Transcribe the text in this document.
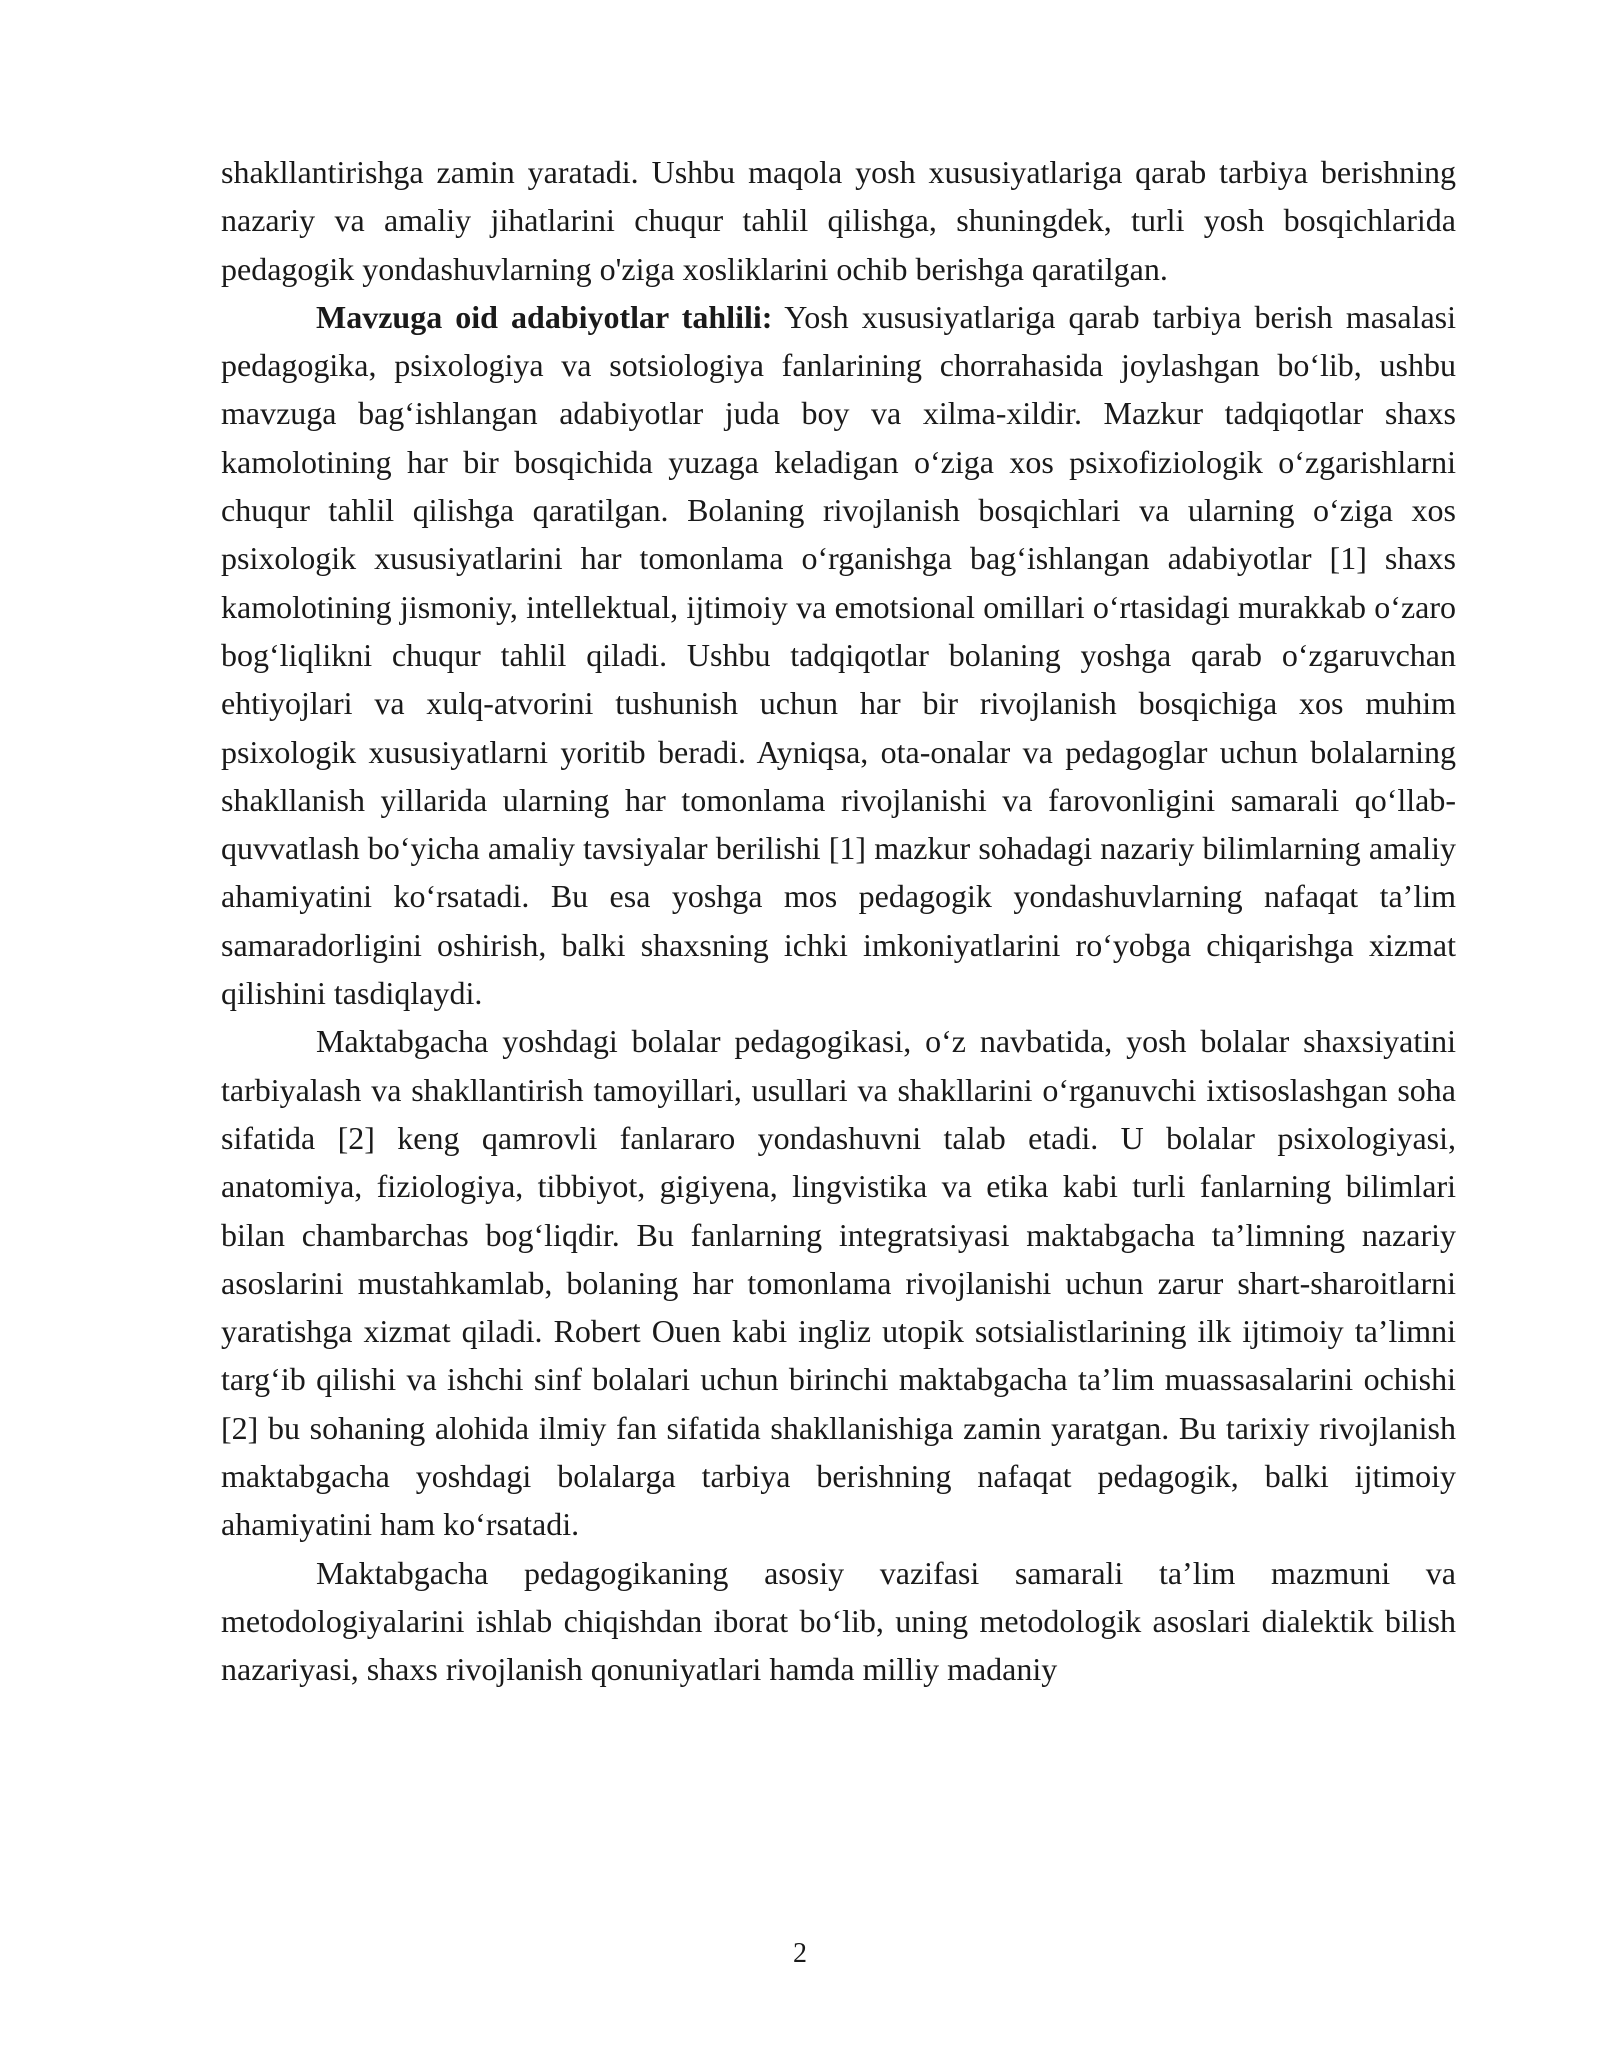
shakllantirishga zamin yaratadi. Ushbu maqola yosh xususiyatlariga qarab tarbiya berishning nazariy va amaliy jihatlarini chuqur tahlil qilishga, shuningdek, turli yosh bosqichlarida pedagogik yondashuvlarning o'ziga xosliklarini ochib berishga qaratilgan.

Mavzuga oid adabiyotlar tahlili: Yosh xususiyatlariga qarab tarbiya berish masalasi pedagogika, psixologiya va sotsiologiya fanlarining chorrahasida joylashgan bo‘lib, ushbu mavzuga bag‘ishlangan adabiyotlar juda boy va xilma-xildir. Mazkur tadqiqotlar shaxs kamolotining har bir bosqichida yuzaga keladigan o‘ziga xos psixofiziologik o‘zgarishlarni chuqur tahlil qilishga qaratilgan. Bolaning rivojlanish bosqichlari va ularning o‘ziga xos psixologik xususiyatlarini har tomonlama o‘rganishga bag‘ishlangan adabiyotlar [1] shaxs kamolotining jismoniy, intellektual, ijtimoiy va emotsional omillari o‘rtasidagi murakkab o‘zaro bog‘liqlikni chuqur tahlil qiladi. Ushbu tadqiqotlar bolaning yoshga qarab o‘zgaruvchan ehtiyojlari va xulq-atvorini tushunish uchun har bir rivojlanish bosqichiga xos muhim psixologik xususiyatlarni yoritib beradi. Ayniqsa, ota-onalar va pedagoglar uchun bolalarning shakllanish yillarida ularning har tomonlama rivojlanishi va farovonligini samarali qo‘llab-quvvatlash bo‘yicha amaliy tavsiyalar berilishi [1] mazkur sohadagi nazariy bilimlarning amaliy ahamiyatini ko‘rsatadi. Bu esa yoshga mos pedagogik yondashuvlarning nafaqat ta’lim samaradorligini oshirish, balki shaxsning ichki imkoniyatlarini ro‘yobga chiqarishga xizmat qilishini tasdiqlaydi.

Maktabgacha yoshdagi bolalar pedagogikasi, o‘z navbatida, yosh bolalar shaxsiyatini tarbiyalash va shakllantirish tamoyillari, usullari va shakllarini o‘rganuvchi ixtisoslashgan soha sifatida [2] keng qamrovli fanlararo yondashuvni talab etadi. U bolalar psixologiyasi, anatomiya, fiziologiya, tibbiyot, gigiyena, lingvistika va etika kabi turli fanlarning bilimlari bilan chambarchas bog‘liqdir. Bu fanlarning integratsiyasi maktabgacha ta’limning nazariy asoslarini mustahkamlab, bolaning har tomonlama rivojlanishi uchun zarur shart-sharoitlarni yaratishga xizmat qiladi. Robert Ouen kabi ingliz utopik sotsialistlarining ilk ijtimoiy ta’limni targ‘ib qilishi va ishchi sinf bolalari uchun birinchi maktabgacha ta’lim muassasalarini ochishi [2] bu sohaning alohida ilmiy fan sifatida shakllanishiga zamin yaratgan. Bu tarixiy rivojlanish maktabgacha yoshdagi bolalarga tarbiya berishning nafaqat pedagogik, balki ijtimoiy ahamiyatini ham ko‘rsatadi.

Maktabgacha pedagogikaning asosiy vazifasi samarali ta’lim mazmuni va metodologiyalarini ishlab chiqishdan iborat bo‘lib, uning metodologik asoslari dialektik bilish nazariyasi, shaxs rivojlanish qonuniyatlari hamda milliy madaniy

2
